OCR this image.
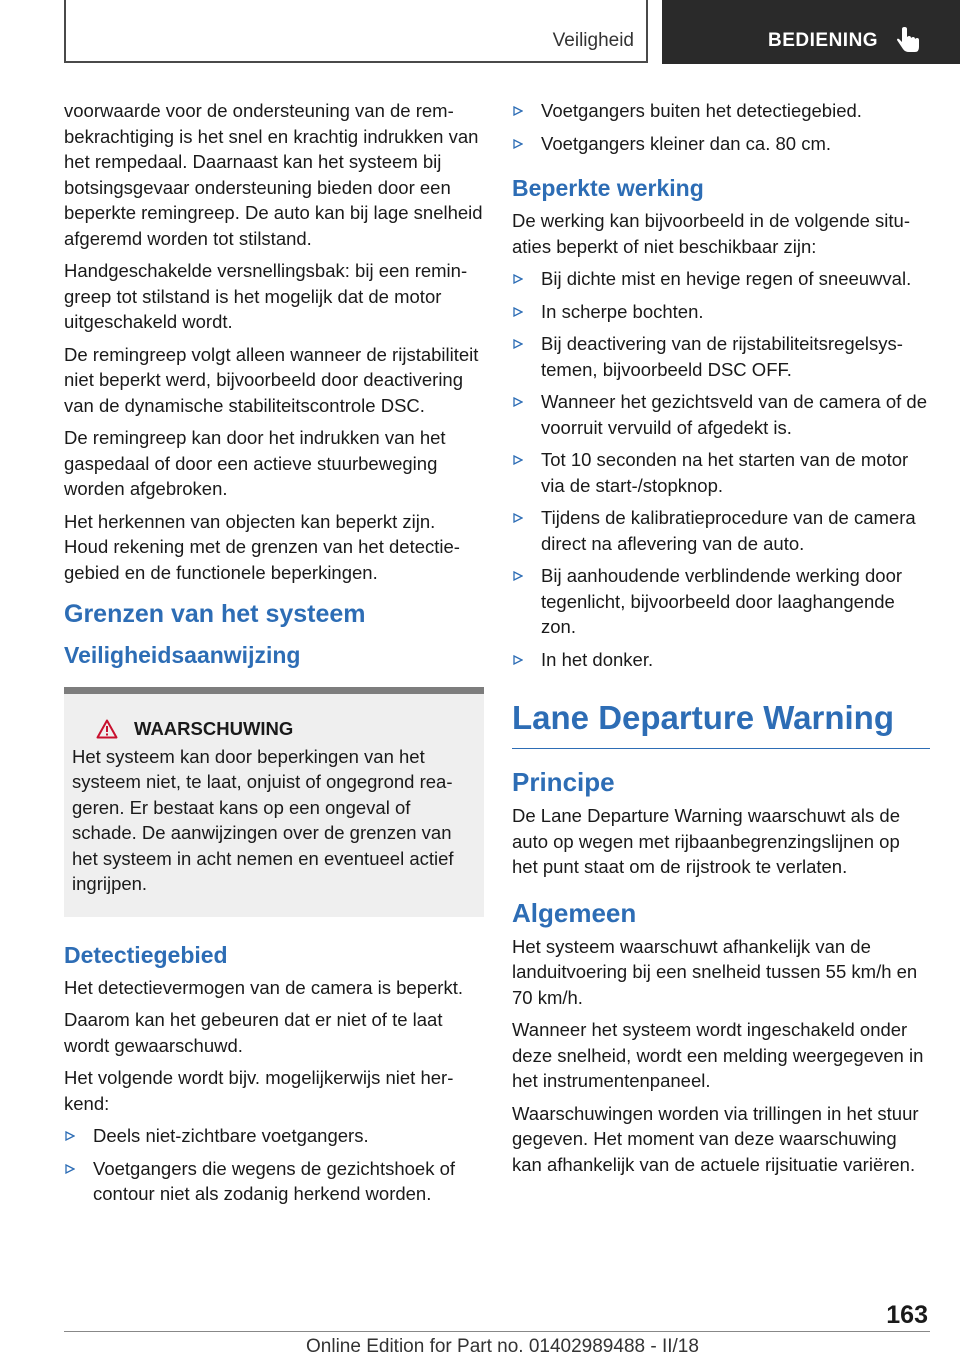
Veiligheid	BEDIENING

voorwaarde voor de ondersteuning van de rembekrachtiging is het snel en krachtig indrukken van het rempedaal. Daarnaast kan het systeem bij botsingsgevaar ondersteuning bieden door een beperkte remingreep. De auto kan bij lage snelheid afgeremd worden tot stilstand.

Handgeschakelde versnellingsbak: bij een remingreep tot stilstand is het mogelijk dat de motor uitgeschakeld wordt.

De remingreep volgt alleen wanneer de rijstabiliteit niet beperkt werd, bijvoorbeeld door deactivering van de dynamische stabiliteitscontrole DSC.

De remingreep kan door het indrukken van het gaspedaal of door een actieve stuurbeweging worden afgebroken.

Het herkennen van objecten kan beperkt zijn. Houd rekening met de grenzen van het detectiegebied en de functionele beperkingen.

Grenzen van het systeem
Veiligheidsaanwijzing
WAARSCHUWING
Het systeem kan door beperkingen van het systeem niet, te laat, onjuist of ongegrond reageren. Er bestaat kans op een ongeval of schade. De aanwijzingen over de grenzen van het systeem in acht nemen en eventueel actief ingrijpen.
Detectiegebied

Het detectievermogen van de camera is beperkt.

Daarom kan het gebeuren dat er niet of te laat wordt gewaarschuwd.

Het volgende wordt bijv. mogelijkerwijs niet herkend:

Deels niet-zichtbare voetgangers.
Voetgangers die wegens de gezichtshoek of contour niet als zodanig herkend worden.
Voetgangers buiten het detectiegebied.
Voetgangers kleiner dan ca. 80 cm.
Beperkte werking

De werking kan bijvoorbeeld in de volgende situaties beperkt of niet beschikbaar zijn:

Bij dichte mist en hevige regen of sneeuwval.
In scherpe bochten.
Bij deactivering van de rijstabiliteitsregelsystemen, bijvoorbeeld DSC OFF.
Wanneer het gezichtsveld van de camera of de voorruit vervuild of afgedekt is.
Tot 10 seconden na het starten van de motor via de start-/stopknop.
Tijdens de kalibratieprocedure van de camera direct na aflevering van de auto.
Bij aanhoudende verblindende werking door tegenlicht, bijvoorbeeld door laaghangende zon.
In het donker.
Lane Departure Warning
Principe

De Lane Departure Warning waarschuwt als de auto op wegen met rijbaanbegrenzingslijnen op het punt staat om de rijstrook te verlaten.

Algemeen

Het systeem waarschuwt afhankelijk van de landuitvoering bij een snelheid tussen 55 km/h en 70 km/h.

Wanneer het systeem wordt ingeschakeld onder deze snelheid, wordt een melding weergegeven in het instrumentenpaneel.

Waarschuwingen worden via trillingen in het stuur gegeven. Het moment van deze waarschuwing kan afhankelijk van de actuele rijsituatie variëren.

163
Online Edition for Part no. 01402989488 - II/18
